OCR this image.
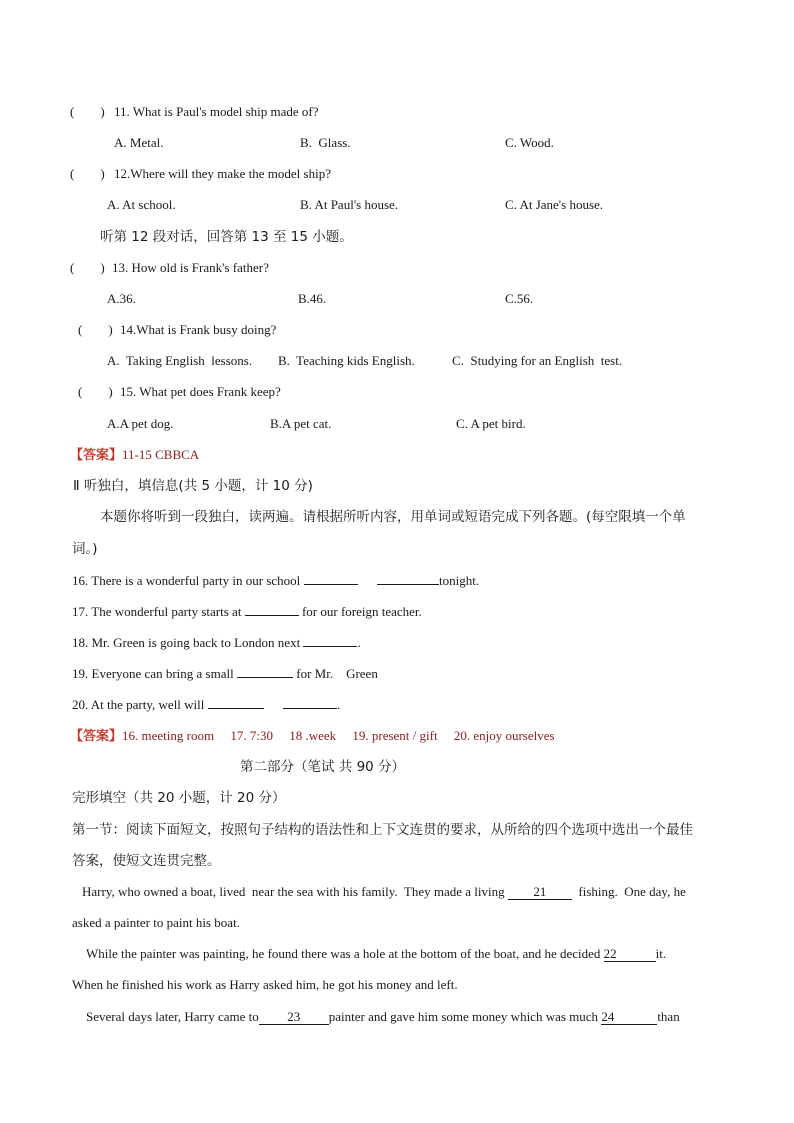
(        ) 11. What is Paul's model ship made of?
A. Metal.	B.  Glass.	C. Wood.
(        ) 12.Where will they make the model ship?
A. At school.	B. At Paul's house.	C. At Jane's house.
听第 12 段对话，回答第 13 至 15 小题。
(        ) 13. How old is Frank's father?
A.36.	B.46.	C.56.
(        ) 14.What is Frank busy doing?
A.  Taking English  lessons. B.  Teaching kids English.	C.  Studying for an English  test.
(        ) 15. What pet does Frank keep?
A.A pet dog.	B.A pet cat.	C. A pet bird.
【答案】11-15 CBBCA
Ⅱ 听独白，填信息(共 5 小题，计 10 分)
本题你将听到一段独白，读两遍。请根据所听内容，用单词或短语完成下列各题。(每空限填一个单
词。)
16. There is a wonderful party in our school	tonight.
17. The wonderful party starts at	for our foreign teacher.
18. Mr. Green is going back to London next	.
19. Everyone can bring a small	for Mr.    Green
20. At the party, well will	.
【答案】16. meeting room     17. 7:30     18 .week     19. present / gift     20. enjoy ourselves
第二部分（笔试 共 90 分）
完形填空（共 20 小题，计 20 分）
第一节：阅读下面短文，按照句子结构的语法性和上下文连贯的要求，从所给的四个选项中选出一个最佳
答案，使短文连贯完整。
Harry, who owned a boat, lived  near the sea with his family.  They made a living 21 fishing.  One day, he
asked a painter to paint his boat.
While the painter was painting, he found there was a hole at the bottom of the boat, and he decided 22	it.
When he finished his work as Harry asked him, he got his money and left.
Several days later, Harry came to 23 painter and gave him some money which was much 24	than
